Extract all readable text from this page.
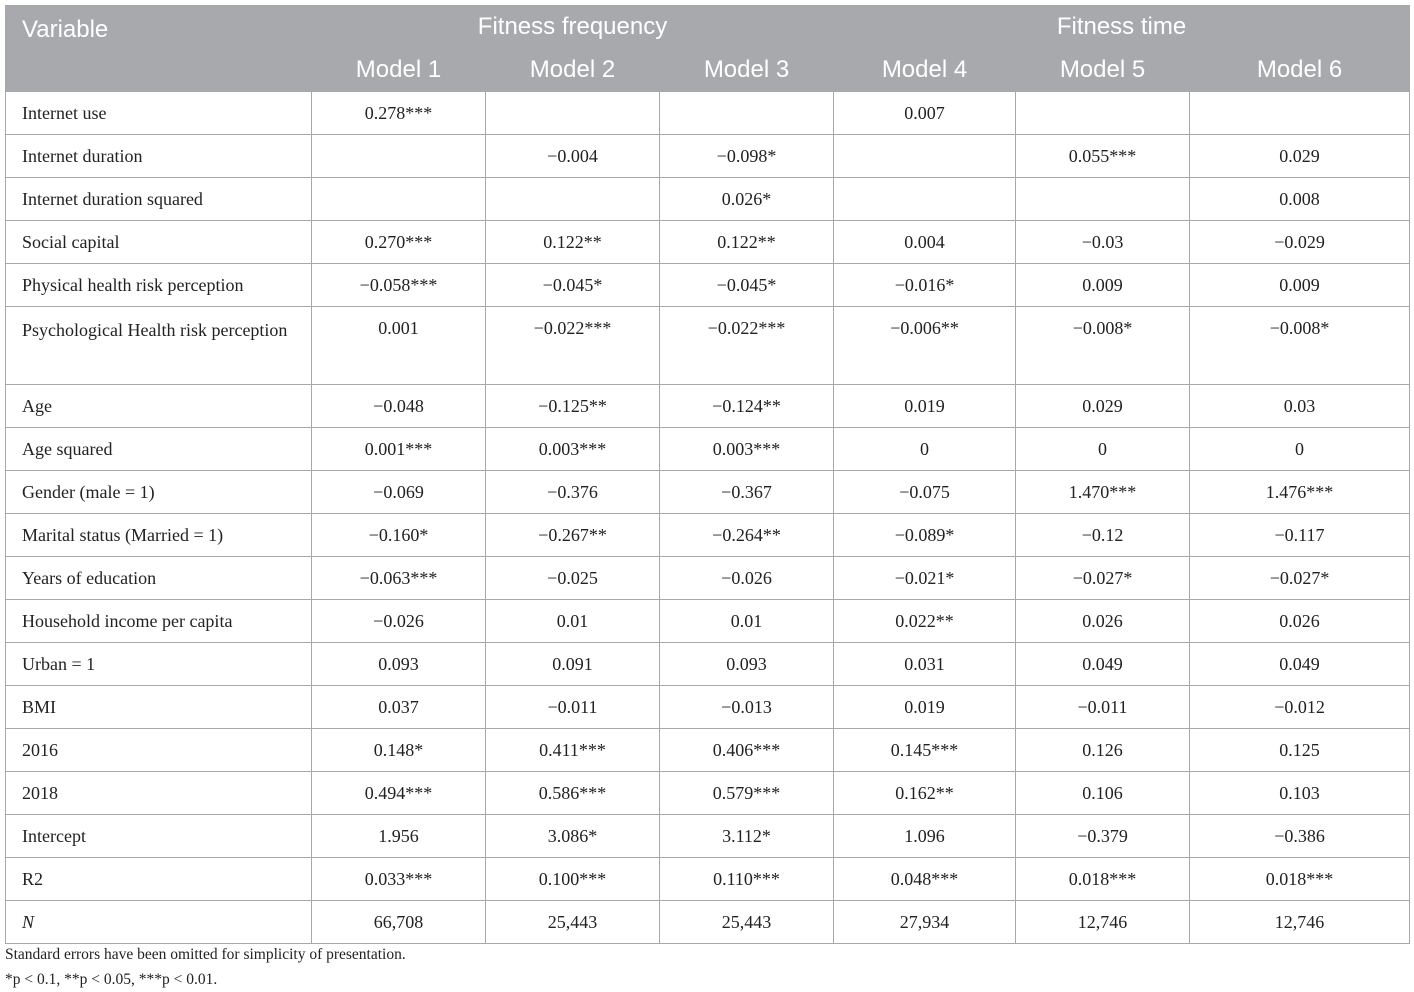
Variable	Fitness frequency			Fitness time		
	Model 1	Model 2	Model 3	Model 4	Model 5	Model 6
Internet use	0.278***			0.007		
Internet duration		−0.004	−0.098*		0.055***	0.029
Internet duration squared			0.026*			0.008
Social capital	0.270***	0.122**	0.122**	0.004	−0.03	−0.029
Physical health risk perception	−0.058***	−0.045*	−0.045*	−0.016*	0.009	0.009
Psychological Health risk perception	0.001	−0.022***	−0.022***	−0.006**	−0.008*	−0.008*
Age	−0.048	−0.125**	−0.124**	0.019	0.029	0.03
Age squared	0.001***	0.003***	0.003***	0	0	0
Gender (male = 1)	−0.069	−0.376	−0.367	−0.075	1.470***	1.476***
Marital status (Married = 1)	−0.160*	−0.267**	−0.264**	−0.089*	−0.12	−0.117
Years of education	−0.063***	−0.025	−0.026	−0.021*	−0.027*	−0.027*
Household income per capita	−0.026	0.01	0.01	0.022**	0.026	0.026
Urban = 1	0.093	0.091	0.093	0.031	0.049	0.049
BMI	0.037	−0.011	−0.013	0.019	−0.011	−0.012
2016	0.148*	0.411***	0.406***	0.145***	0.126	0.125
2018	0.494***	0.586***	0.579***	0.162**	0.106	0.103
Intercept	1.956	3.086*	3.112*	1.096	−0.379	−0.386
R2	0.033***	0.100***	0.110***	0.048***	0.018***	0.018***
N	66,708	25,443	25,443	27,934	12,746	12,746
Standard errors have been omitted for simplicity of presentation.
*p < 0.1, **p < 0.05, ***p < 0.01.
